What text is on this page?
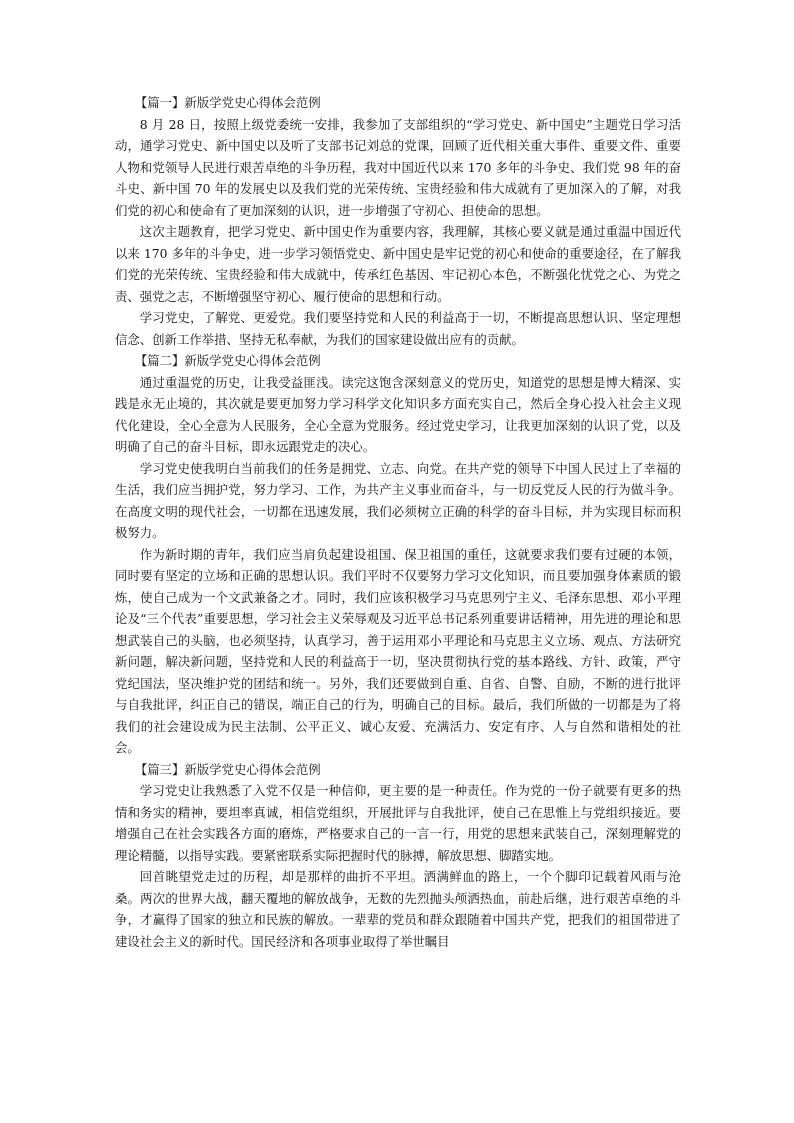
【篇一】新版学党史心得体会范例

8 月 28 日，按照上级党委统一安排，我参加了支部组织的“学习党史、新中国史”主题党日学习活动，通学习党史、新中国史以及听了支部书记刘总的党课，回顾了近代相关重大事件、重要文件、重要人物和党领导人民进行艰苦卓绝的斗争历程，我对中国近代以来 170 多年的斗争史、我们党 98 年的奋斗史、新中国 70 年的发展史以及我们党的光荣传统、宝贵经验和伟大成就有了更加深入的了解，对我们党的初心和使命有了更加深刻的认识，进一步增强了守初心、担使命的思想。

这次主题教育，把学习党史、新中国史作为重要内容，我理解，其核心要义就是通过重温中国近代以来 170 多年的斗争史，进一步学习领悟党史、新中国史是牢记党的初心和使命的重要途径，在了解我们党的光荣传统、宝贵经验和伟大成就中，传承红色基因、牢记初心本色，不断强化忧党之心、为党之责、强党之志，不断增强坚守初心、履行使命的思想和行动。

学习党史，了解党、更爱党。我们要坚持党和人民的利益高于一切，不断提高思想认识、坚定理想信念、创新工作举措、坚持无私奉献，为我们的国家建设做出应有的贡献。

【篇二】新版学党史心得体会范例

通过重温党的历史，让我受益匪浅。读完这饱含深刻意义的党历史，知道党的思想是博大精深、实践是永无止境的，其次就是要更加努力学习科学文化知识多方面充实自己，然后全身心投入社会主义现代化建设，全心全意为人民服务，全心全意为党服务。经过党史学习，让我更加深刻的认识了党，以及明确了自己的奋斗目标，即永远跟党走的决心。

学习党史使我明白当前我们的任务是拥党、立志、向党。在共产党的领导下中国人民过上了幸福的生活，我们应当拥护党，努力学习、工作，为共产主义事业而奋斗，与一切反党反人民的行为做斗争。在高度文明的现代社会，一切都在迅速发展，我们必须树立正确的科学的奋斗目标，并为实现目标而积极努力。

作为新时期的青年，我们应当肩负起建设祖国、保卫祖国的重任，这就要求我们要有过硬的本领，同时要有坚定的立场和正确的思想认识。我们平时不仅要努力学习文化知识，而且要加强身体素质的锻炼，使自己成为一个文武兼备之才。同时，我们应该积极学习马克思列宁主义、毛泽东思想、邓小平理论及“三个代表”重要思想，学习社会主义荣辱观及习近平总书记系列重要讲话精神，用先进的理论和思想武装自己的头脑，也必须坚持，认真学习，善于运用邓小平理论和马克思主义立场、观点、方法研究新问题，解决新问题，坚持党和人民的利益高于一切，坚决贯彻执行党的基本路线、方针、政策，严守党纪国法，坚决维护党的团结和统一。另外，我们还要做到自重、自省、自警、自励，不断的进行批评与自我批评，纠正自己的错误，端正自己的行为，明确自己的目标。最后，我们所做的一切都是为了将我们的社会建设成为民主法制、公平正义、诚心友爱、充满活力、安定有序、人与自然和谐相处的社会。

【篇三】新版学党史心得体会范例

学习党史让我熟悉了入党不仅是一种信仰，更主要的是一种责任。作为党的一份子就要有更多的热情和务实的精神，要坦率真诚，相信党组织，开展批评与自我批评，使自己在思惟上与党组织接近。要增强自己在社会实践各方面的磨炼，严格要求自己的一言一行，用党的思想来武装自己，深刻理解党的理论精髓，以指导实践。要紧密联系实际把握时代的脉搏，解放思想、脚踏实地。

回首眺望党走过的历程，却是那样的曲折不平坦。洒满鲜血的路上，一个个脚印记载着风雨与沧桑。两次的世界大战，翻天覆地的解放战争，无数的先烈抛头颅洒热血，前赴后继，进行艰苦卓绝的斗争，才赢得了国家的独立和民族的解放。一辈辈的党员和群众跟随着中国共产党，把我们的祖国带进了建设社会主义的新时代。国民经济和各项事业取得了举世瞩目
